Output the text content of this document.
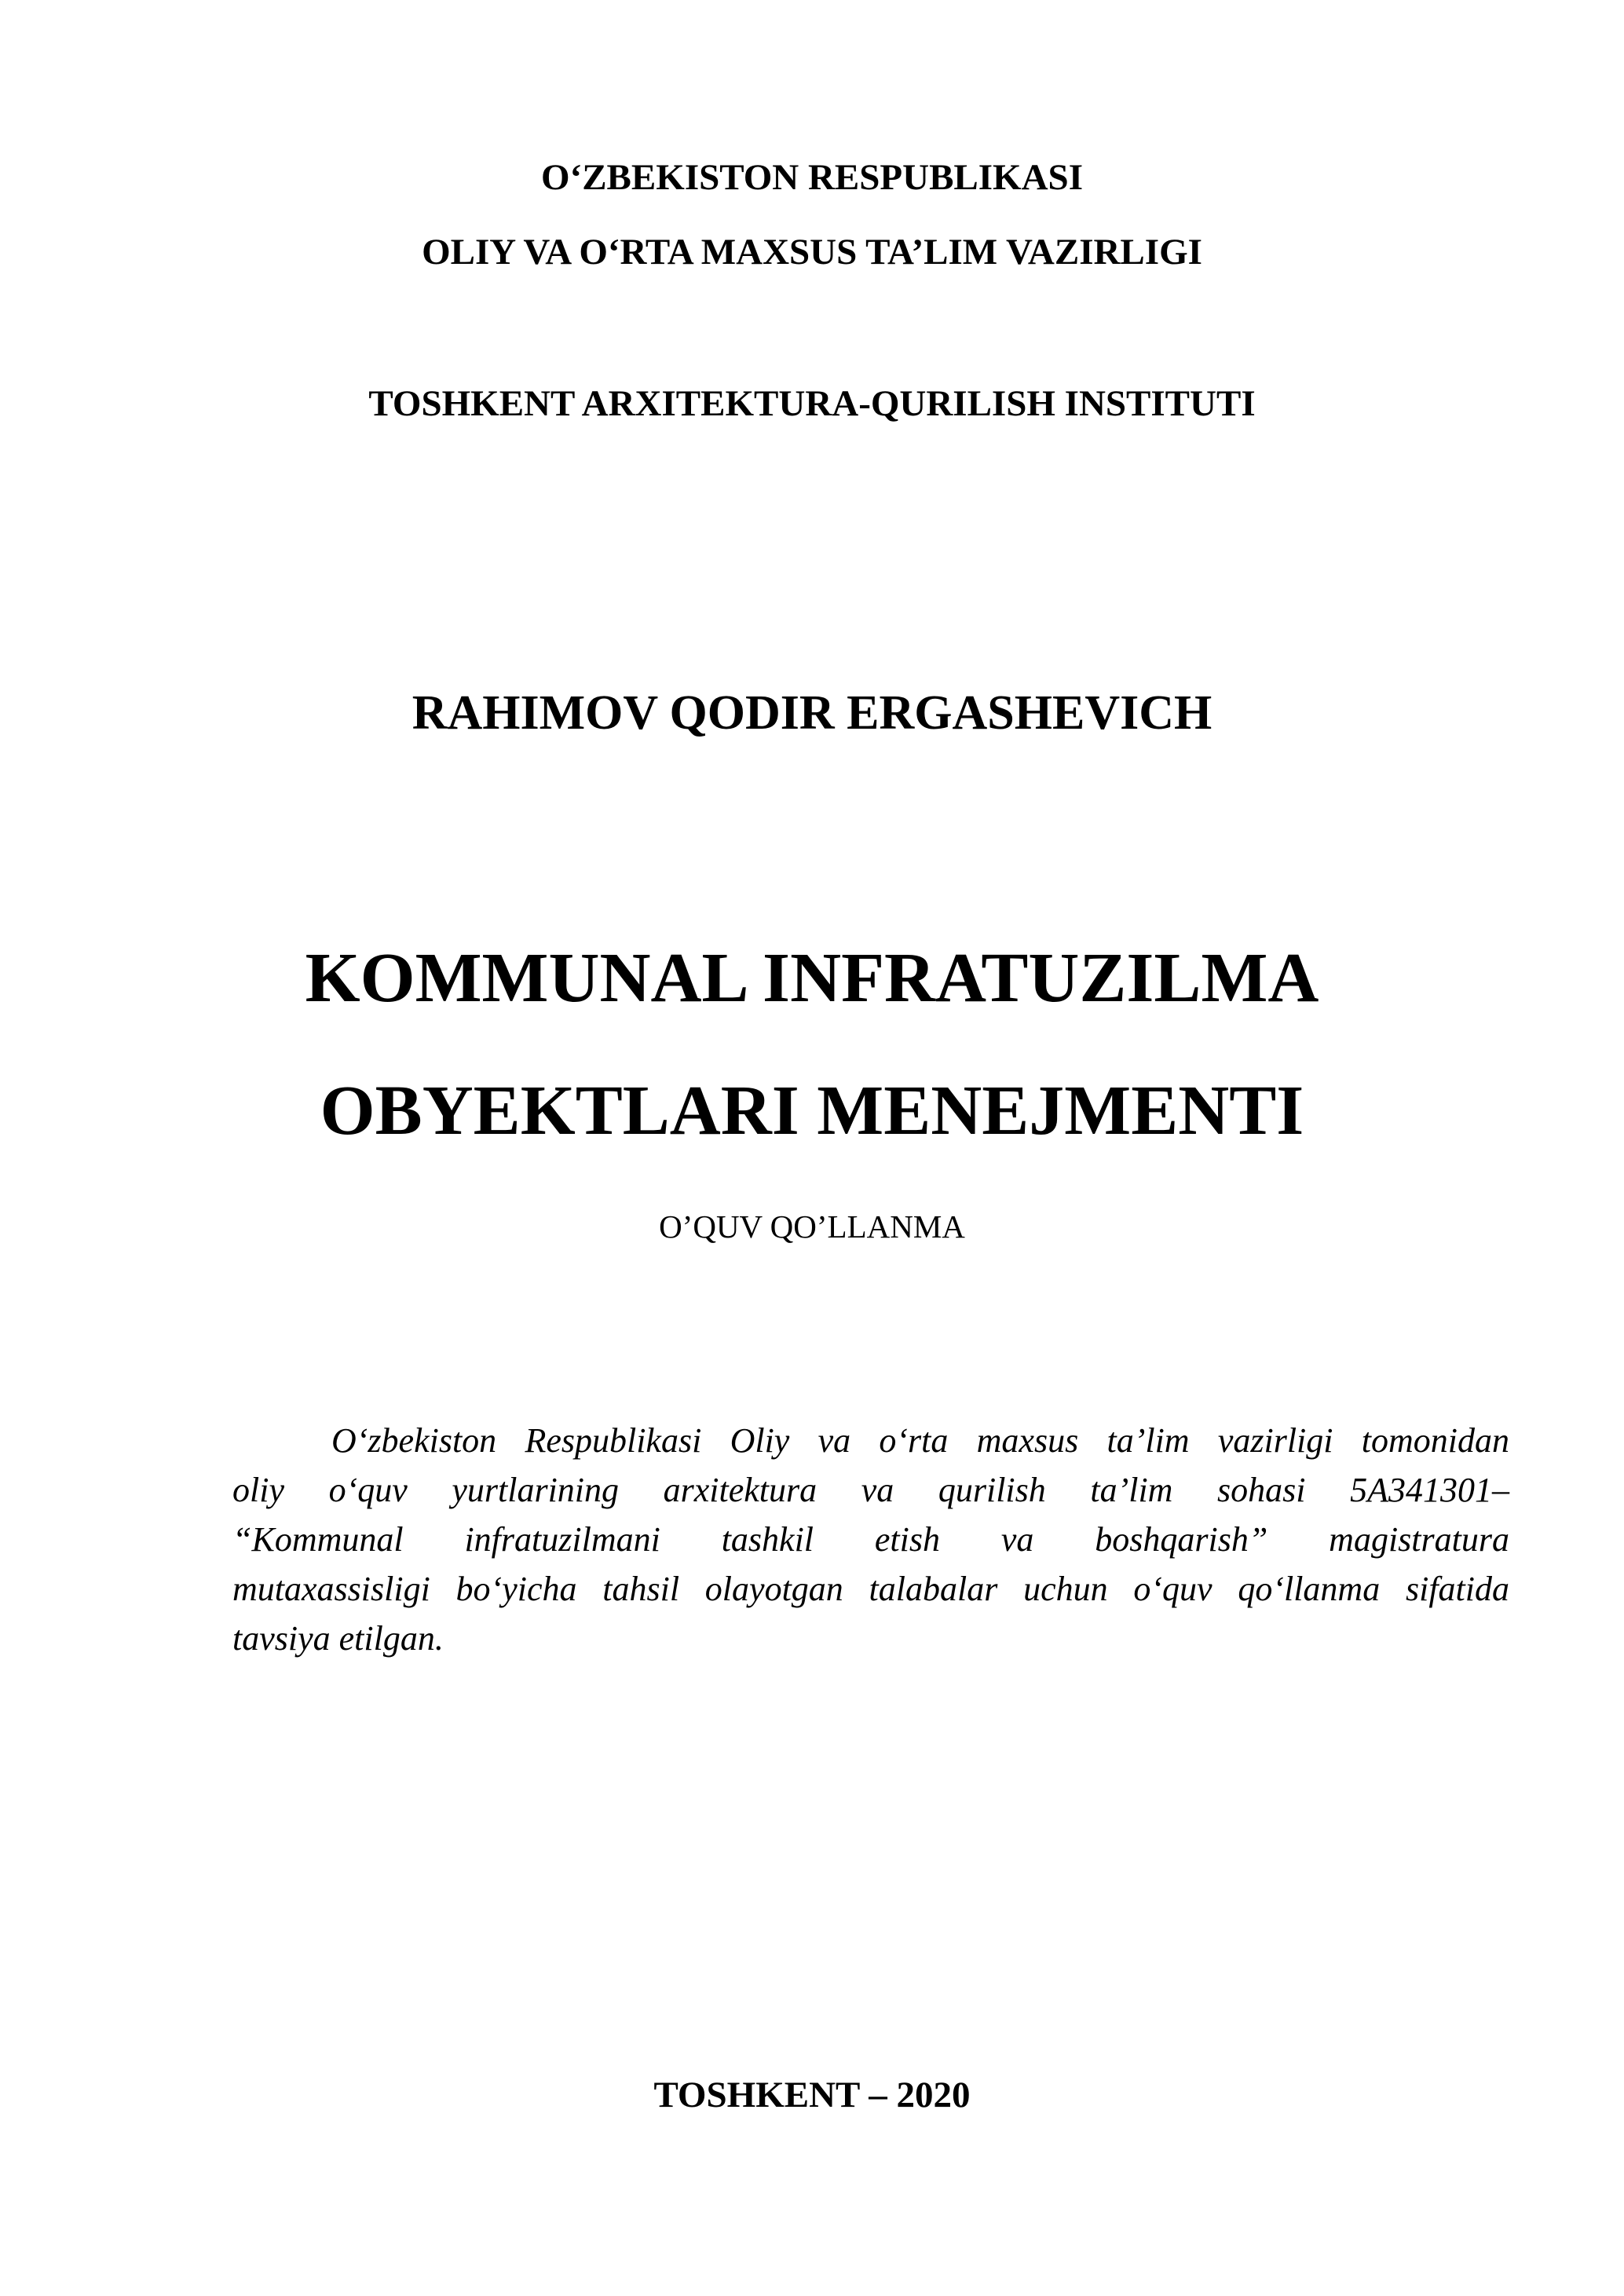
O‘ZBEKISTON RESPUBLIKASI
OLIY VA O‘RTA MAXSUS TA’LIM VAZIRLIGI
TOSHKENT ARXITEKTURA-QURILISH INSTITUTI
RAHIMOV QODIR ERGASHEVICH
KOMMUNAL INFRATUZILMA
OBYEKTLARI MENEJMENTI
O’QUV QO’LLANMA
O‘zbekiston Respublikasi Oliy va o‘rta maxsus ta’lim vazirligi tomonidan
oliy o‘quv yurtlarining arxitektura va qurilish ta’lim sohasi 5A341301–
“Kommunal infratuzilmani tashkil etish va boshqarish” magistratura
mutaxassisligi bo‘yicha tahsil olayotgan talabalar uchun o‘quv qo‘llanma sifatida
tavsiya etilgan.
TOSHKENT – 2020
